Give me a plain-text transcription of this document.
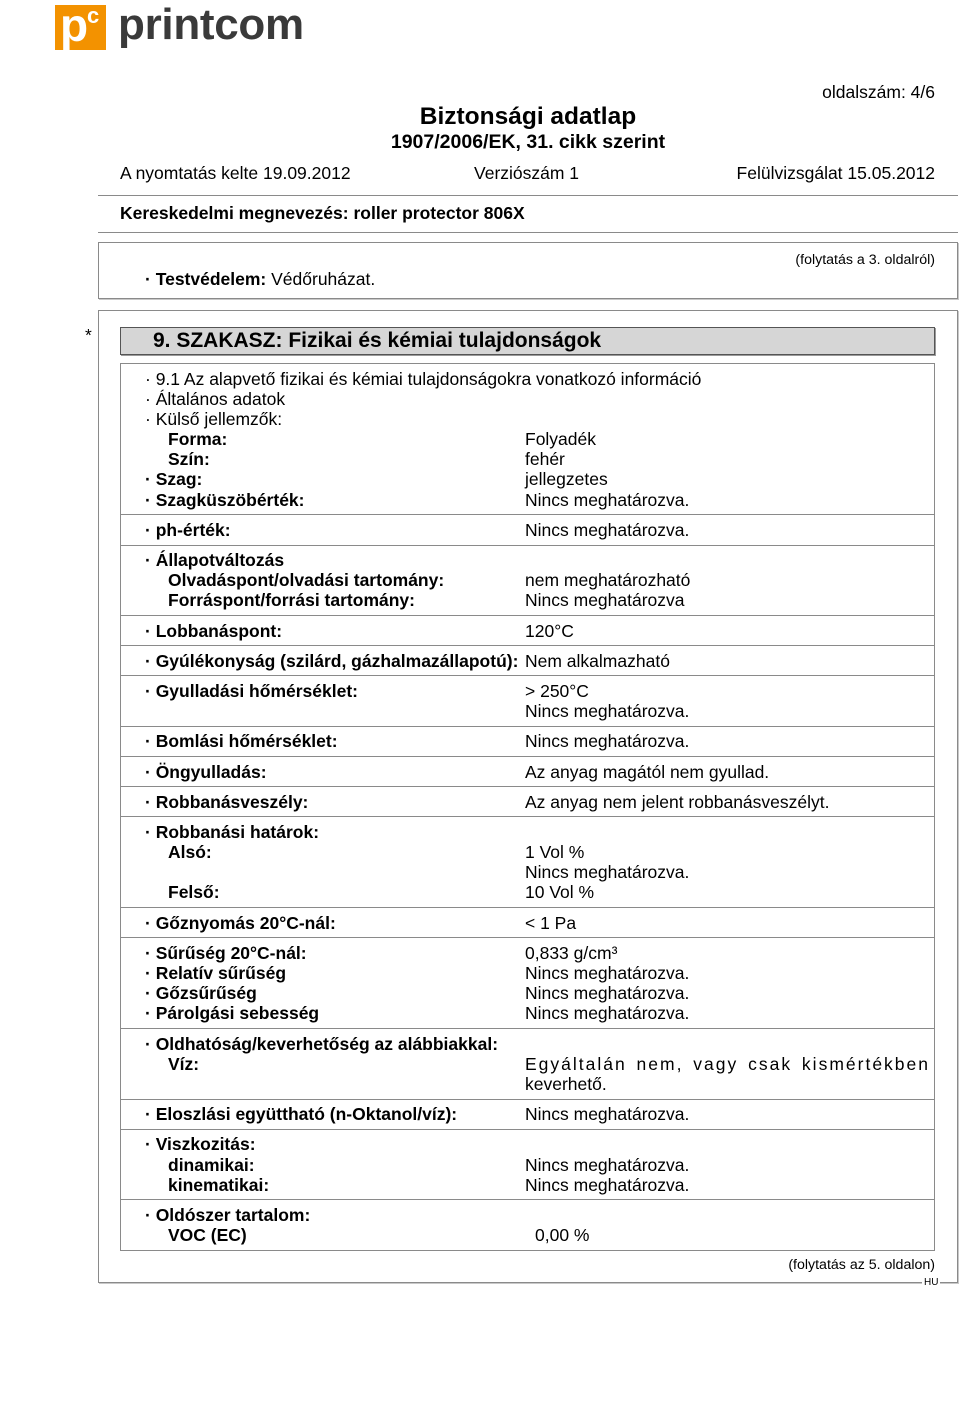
p
c printcom
oldalszám: 4/6
Biztonsági adatlap
1907/2006/EK, 31. cikk szerint
A nyomtatás kelte 19.09.2012	Verziószám 1	Felülvizsgálat 15.05.2012
Kereskedelmi megnevezés: roller protector 806X
(folytatás a 3. oldalról)
· Testvédelem: Védőruházat.
*	9. SZAKASZ: Fizikai és kémiai tulajdonságok
· 9.1 Az alapvető fizikai és kémiai tulajdonságokra vonatkozó információ
· Általános adatok
· Külső jellemzők:
Forma:	Folyadék
Szín:	fehér
· Szag:	jellegzetes
· Szagküszöbérték:	Nincs meghatározva.
· ph-érték:	Nincs meghatározva.
· Állapotváltozás
Olvadáspont/olvadási tartomány:	nem meghatározható
Forráspont/forrási tartomány:	Nincs meghatározva
· Lobbanáspont:	120°C
· Gyúlékonyság (szilárd, gázhalmazállapotú): Nem alkalmazható
· Gyulladási hőmérséklet:	> 250°C
Nincs meghatározva.
· Bomlási hőmérséklet:	Nincs meghatározva.
· Öngyulladás:	Az anyag magától nem gyullad.
· Robbanásveszély:	Az anyag nem jelent robbanásveszélyt.
· Robbanási határok:
Alsó:	1 Vol %
Nincs meghatározva.
Felső:	10 Vol %
· Gőznyomás 20°C-nál:	< 1 Pa
· Sűrűség 20°C-nál:	0,833 g/cm³
· Relatív sűrűség	Nincs meghatározva.
· Gőzsűrűség	Nincs meghatározva.
· Párolgási sebesség	Nincs meghatározva.
· Oldhatóság/keverhetőség az alábbiakkal:
Víz:	Egyáltalán nem, vagy csak kismértékben
keverhető.
· Eloszlási együttható (n-Oktanol/víz):	Nincs meghatározva.
· Viszkozitás:
dinamikai:	Nincs meghatározva.
kinematikai:	Nincs meghatározva.
· Oldószer tartalom:
VOC (EC)	0,00 %
(folytatás az 5. oldalon)
HU
